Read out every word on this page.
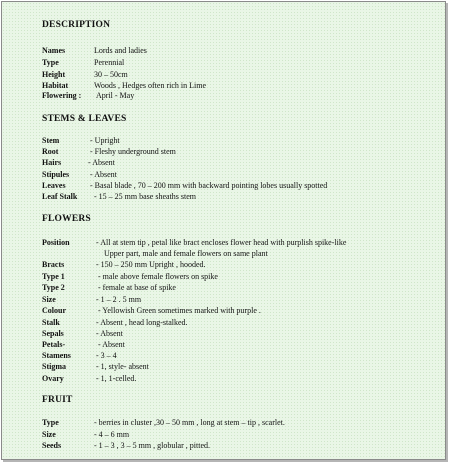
DESCRIPTION
Names	Lords and ladies
Type	Perennial
Height	30 – 50cm
Habitat	Woods , Hedges often rich in Lime
Flowering : April - May
STEMS & LEAVES
Stem	- Upright
Root	- Fleshy underground stem
Hairs	- Absent
Stipules	- Absent
Leaves	- Basal blade , 70 – 200 mm with backward pointing lobes usually spotted
Leaf Stalk - 15 – 25 mm base sheaths stem
FLOWERS
Position	- All at stem tip , petal like bract encloses flower head with purplish spike-like
Upper part, male and female flowers on same plant
Bracts	- 150 – 250 mm Upright , hooded.
Type 1	- male above female flowers on spike
Type 2	- female at base of spike
Size	- 1 – 2 . 5 mm
Colour	- Yellowish Green sometimes marked with purple .
Stalk	- Absent , head long-stalked.
Sepals	- Absent
Petals-	- Absent
Stamens	- 3 – 4
Stigma	- 1, style- absent
Ovary	- 1, 1-celled.
FRUIT
Type	- berries in cluster ,30 – 50 mm , long at stem – tip , scarlet.
Size	- 4 – 6 mm
Seeds	- 1 – 3 , 3 – 5 mm , globular , pitted.
